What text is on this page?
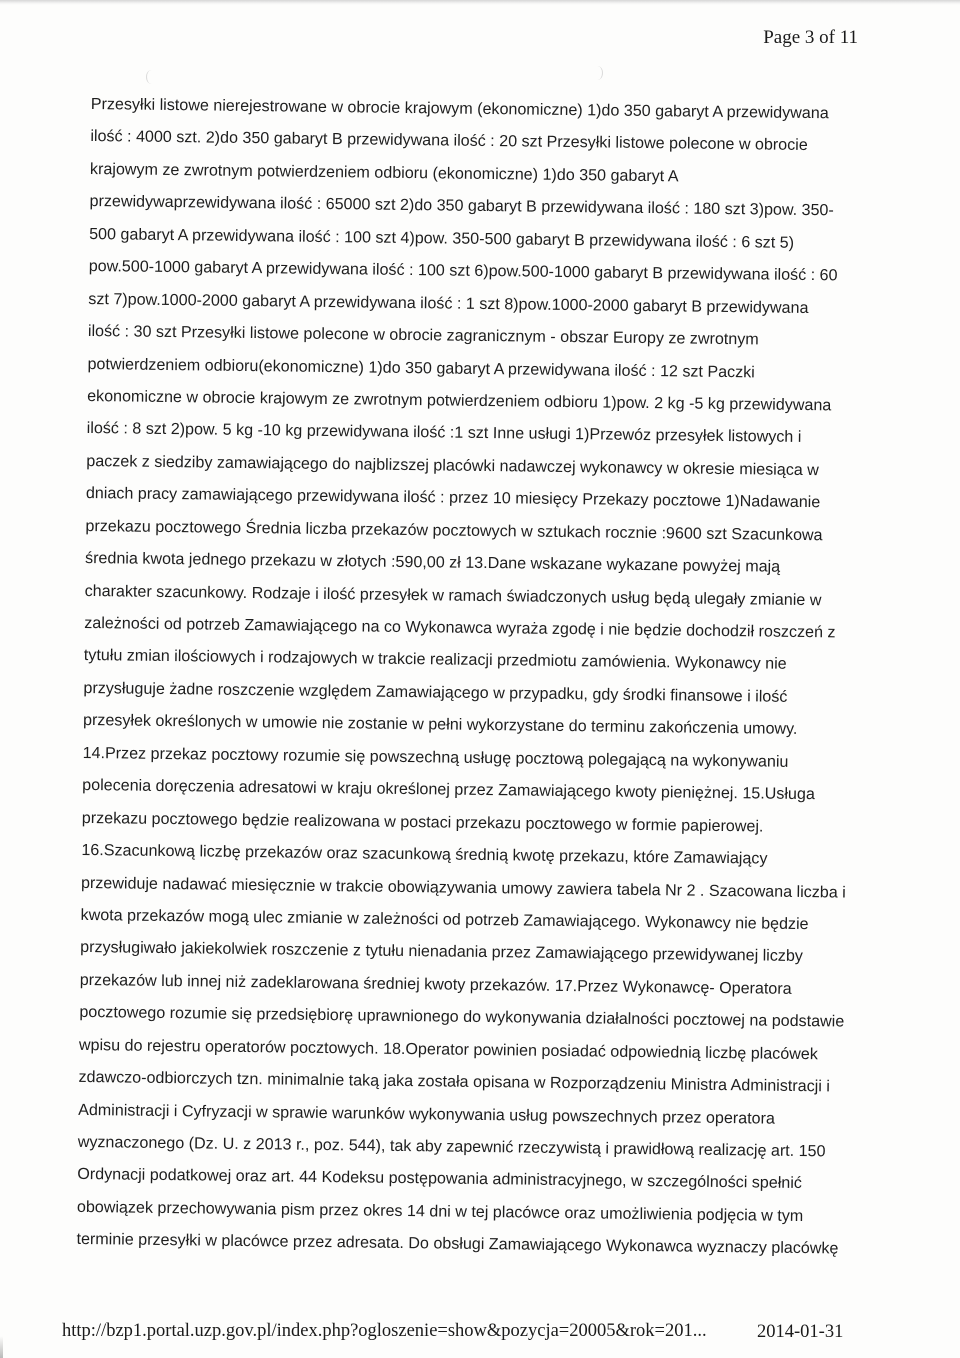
Page 3 of 11
Przesyłki listowe nierejestrowane w obrocie krajowym (ekonomiczne) 1)do 350 gabaryt A przewidywana
ilość : 4000 szt. 2)do 350 gabaryt B przewidywana ilość : 20 szt Przesyłki listowe polecone w obrocie
krajowym ze zwrotnym potwierdzeniem odbioru (ekonomiczne) 1)do 350 gabaryt A
przewidywaprzewidywana ilość : 65000 szt 2)do 350 gabaryt B przewidywana ilość : 180 szt 3)pow. 350-
500 gabaryt A przewidywana ilość : 100 szt 4)pow. 350-500 gabaryt B przewidywana ilość : 6 szt 5)
pow.500-1000 gabaryt A przewidywana ilość : 100 szt 6)pow.500-1000 gabaryt B przewidywana ilość : 60
szt 7)pow.1000-2000 gabaryt A przewidywana ilość : 1 szt 8)pow.1000-2000 gabaryt B przewidywana
ilość : 30 szt Przesyłki listowe polecone w obrocie zagranicznym - obszar Europy ze zwrotnym
potwierdzeniem odbioru(ekonomiczne) 1)do 350 gabaryt A przewidywana ilość : 12 szt Paczki
ekonomiczne w obrocie krajowym ze zwrotnym potwierdzeniem odbioru 1)pow. 2 kg -5 kg przewidywana
ilość : 8 szt 2)pow. 5 kg -10 kg przewidywana ilość :1 szt Inne usługi 1)Przewóz przesyłek listowych i
paczek z siedziby zamawiającego do najblizszej placówki nadawczej wykonawcy w okresie miesiąca w
dniach pracy zamawiającego przewidywana ilość : przez 10 miesięcy Przekazy pocztowe 1)Nadawanie
przekazu pocztowego Średnia liczba przekazów pocztowych w sztukach rocznie :9600 szt Szacunkowa
średnia kwota jednego przekazu w złotych :590,00 zł 13.Dane wskazane wykazane powyżej mają
charakter szacunkowy. Rodzaje i ilość przesyłek w ramach świadczonych usług będą ulegały zmianie w
zależności od potrzeb Zamawiającego na co Wykonawca wyraża zgodę i nie będzie dochodził roszczeń z
tytułu zmian ilościowych i rodzajowych w trakcie realizacji przedmiotu zamówienia. Wykonawcy nie
przysługuje żadne roszczenie względem Zamawiającego w przypadku, gdy środki finansowe i ilość
przesyłek określonych w umowie nie zostanie w pełni wykorzystane do terminu zakończenia umowy.
14.Przez przekaz pocztowy rozumie się powszechną usługę pocztową polegającą na wykonywaniu
polecenia doręczenia adresatowi w kraju określonej przez Zamawiającego kwoty pieniężnej. 15.Usługa
przekazu pocztowego będzie realizowana w postaci przekazu pocztowego w formie papierowej.
16.Szacunkową liczbę przekazów oraz szacunkową średnią kwotę przekazu, które Zamawiający
przewiduje nadawać miesięcznie w trakcie obowiązywania umowy zawiera tabela Nr 2 . Szacowana liczba i
kwota przekazów mogą ulec zmianie w zależności od potrzeb Zamawiającego. Wykonawcy nie będzie
przysługiwało jakiekolwiek roszczenie z tytułu nienadania przez Zamawiającego przewidywanej liczby
przekazów lub innej niż zadeklarowana średniej kwoty przekazów. 17.Przez Wykonawcę- Operatora
pocztowego rozumie się przedsiębiorę uprawnionego do wykonywania działalności pocztowej na podstawie
wpisu do rejestru operatorów pocztowych. 18.Operator powinien posiadać odpowiednią liczbę placówek
zdawczo-odbiorczych tzn. minimalnie taką jaka została opisana w Rozporządzeniu Ministra Administracji i
Administracji i Cyfryzacji w sprawie warunków wykonywania usług powszechnych przez operatora
wyznaczonego (Dz. U. z 2013 r., poz. 544), tak aby zapewnić rzeczywistą i prawidłową realizację art. 150
Ordynacji podatkowej oraz art. 44 Kodeksu postępowania administracyjnego, w szczególności spełnić
obowiązek przechowywania pism przez okres 14 dni w tej placówce oraz umożliwienia podjęcia w tym
terminie przesyłki w placówce przez adresata. Do obsługi Zamawiającego Wykonawca wyznaczy placówkę
http://bzp1.portal.uzp.gov.pl/index.php?ogloszenie=show&pozycja=20005&rok=201...	2014-01-31
